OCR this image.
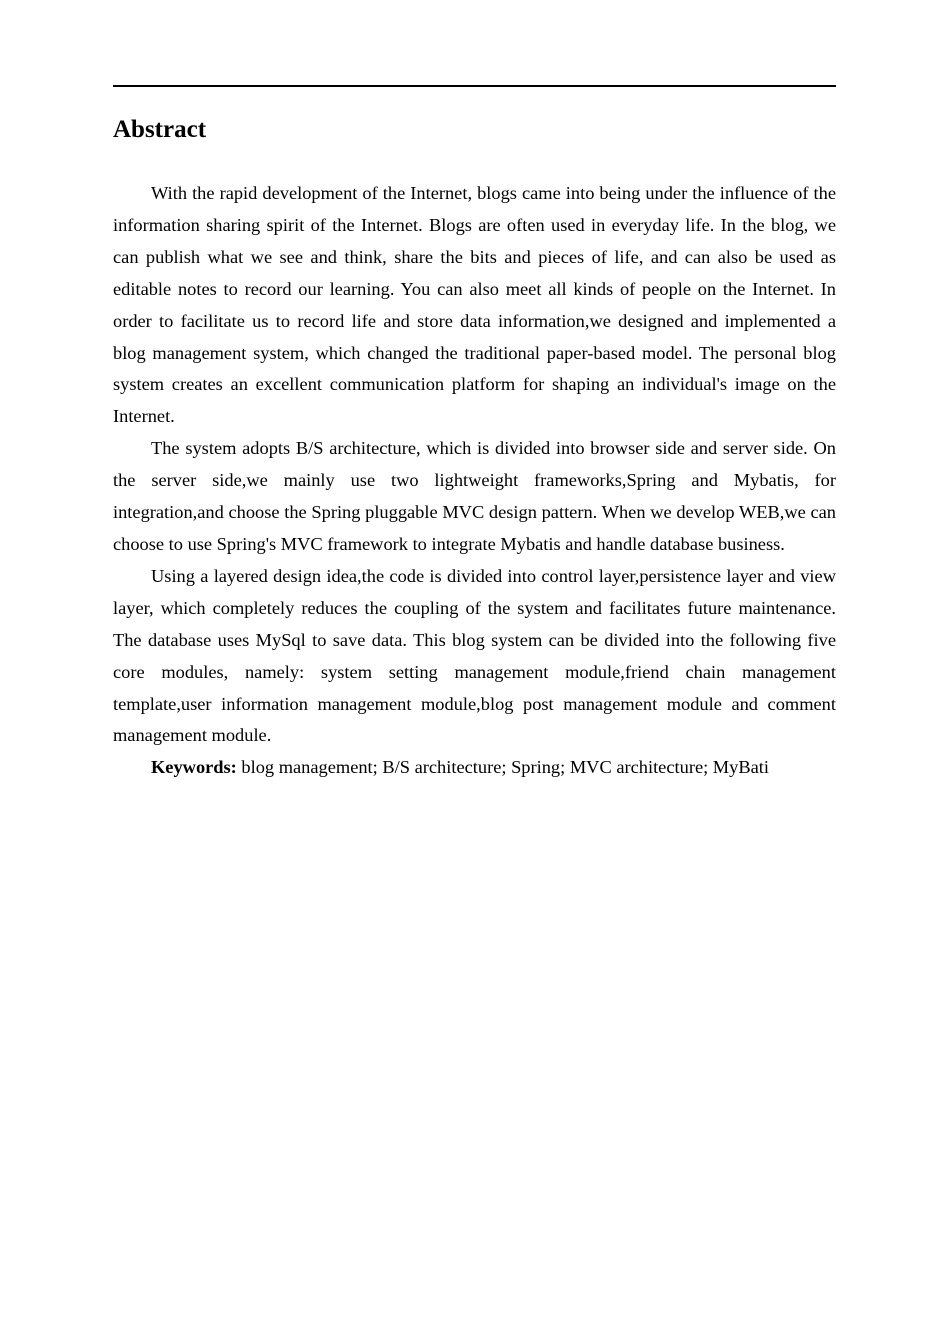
Abstract

With the rapid development of the Internet, blogs came into being under the influence of the information sharing spirit of the Internet. Blogs are often used in everyday life. In the blog, we can publish what we see and think, share the bits and pieces of life, and can also be used as editable notes to record our learning. You can also meet all kinds of people on the Internet. In order to facilitate us to record life and store data information,we designed and implemented a blog management system, which changed the traditional paper-based model. The personal blog system creates an excellent communication platform for shaping an individual's image on the Internet.

The system adopts B/S architecture, which is divided into browser side and server side. On the server side,we mainly use two lightweight frameworks,Spring and Mybatis, for integration,and choose the Spring pluggable MVC design pattern. When we develop WEB,we can choose to use Spring's MVC framework to integrate Mybatis and handle database business.

Using a layered design idea,the code is divided into control layer,persistence layer and view layer, which completely reduces the coupling of the system and facilitates future maintenance. The database uses MySql to save data. This blog system can be divided into the following five core modules, namely: system setting management module,friend chain management template,user information management module,blog post management module and comment management module.

Keywords: blog management; B/S architecture; Spring; MVC architecture; MyBati
